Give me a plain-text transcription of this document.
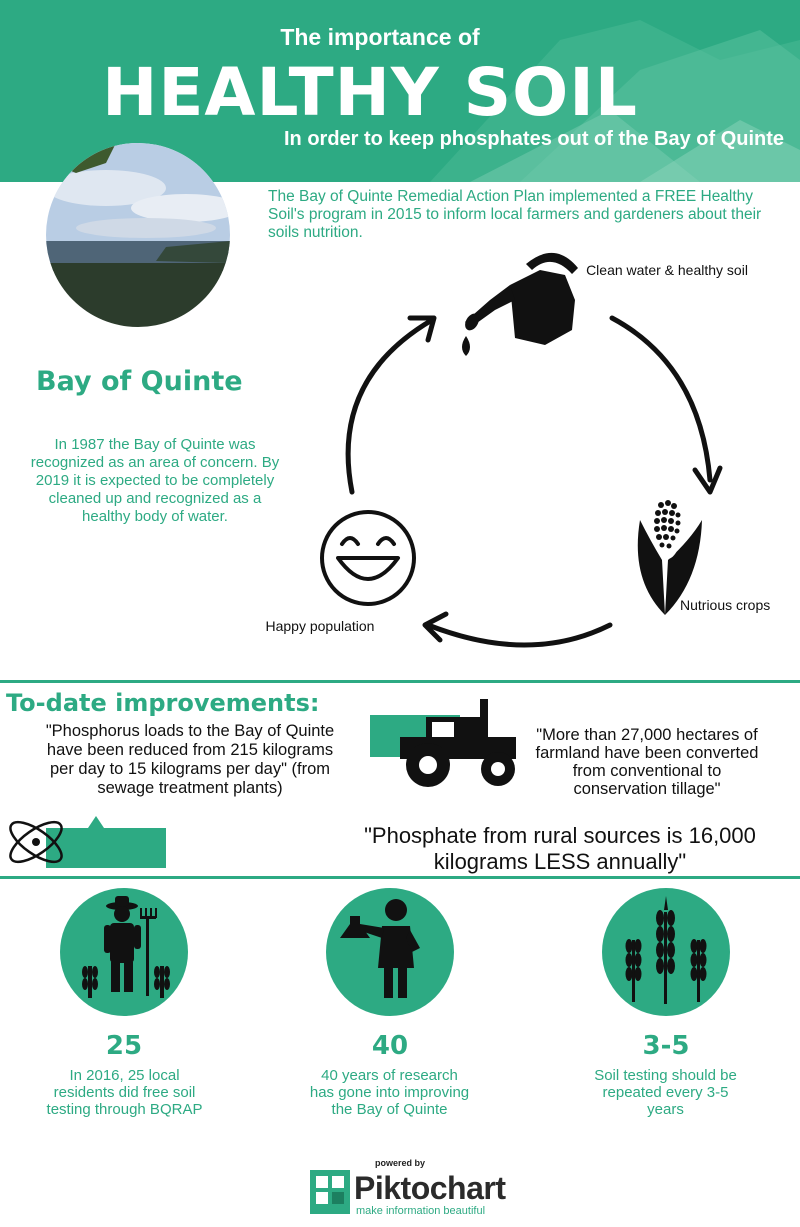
The importance of
HEALTHY SOIL
In order to keep phosphates out of the Bay of Quinte
The Bay of Quinte Remedial Action Plan implemented a FREE Healthy Soil's program in 2015 to inform local farmers and gardeners about their soils nutrition.
Bay of Quinte
In 1987 the Bay of Quinte was recognized as an area of concern. By 2019 it is expected to be completely cleaned up and recognized as a healthy body of water.
Clean water & healthy soil
Nutrious crops
Happy population
To-date improvements:
"Phosphorus loads to the Bay of Quinte have been reduced from 215 kilograms per day to 15 kilograms per day" (from sewage treatment plants)
"More than 27,000 hectares of farmland have been converted from conventional to conservation tillage"
"Phosphate from rural sources is 16,000 kilograms LESS annually"
25	40	3-5
In 2016, 25 local residents did free soil testing through BQRAP
40 years of research has gone into improving the Bay of Quinte
Soil testing should be repeated every 3-5 years
powered by
Piktochart
make information beautiful
